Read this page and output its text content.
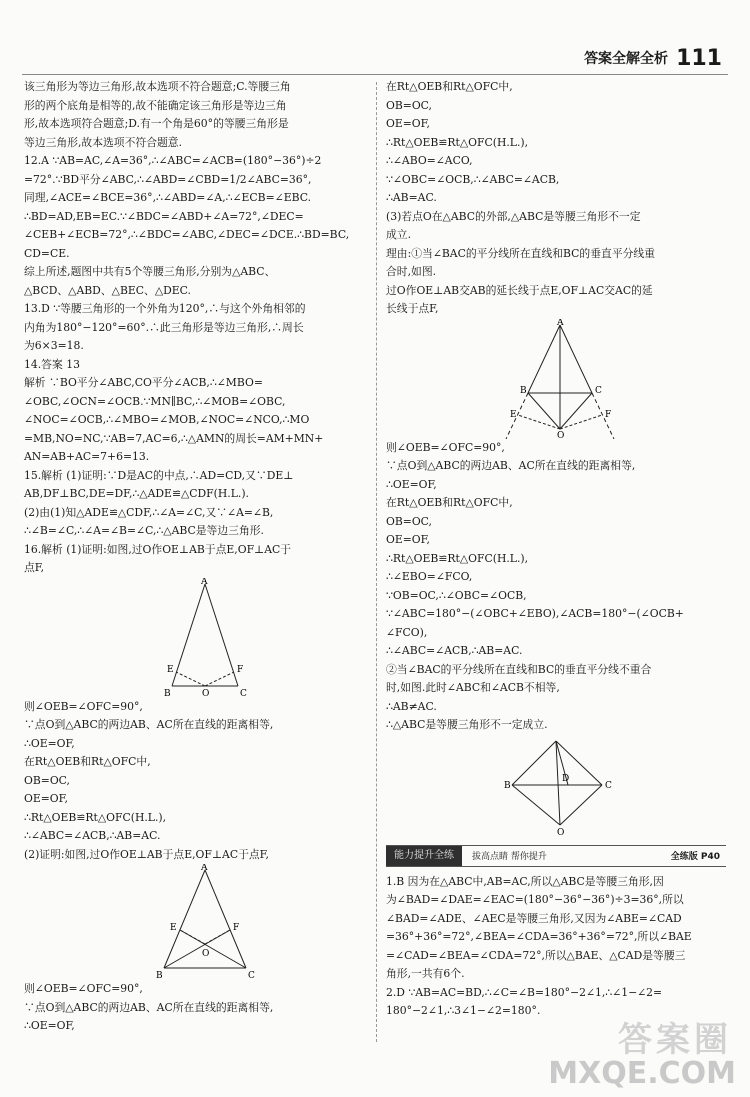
答案全解全析 111

该三角形为等边三角形,故本选项不符合题意;C.等腰三角

形的两个底角是相等的,故不能确定该三角形是等边三角

形,故本选项符合题意;D.有一个角是60°的等腰三角形是

等边三角形,故本选项不符合题意.

12.A ∵AB=AC,∠A=36°,∴∠ABC=∠ACB=(180°−36°)÷2

=72°.∵BD平分∠ABC,∴∠ABD=∠CBD=1/2∠ABC=36°,

同理,∠ACE=∠BCE=36°,∴∠ABD=∠A,∴∠ECB=∠EBC.

∴BD=AD,EB=EC.∵∠BDC=∠ABD+∠A=72°,∠DEC=

∠CEB+∠ECB=72°,∴∠BDC=∠ABC,∠DEC=∠DCE.∴BD=BC,

CD=CE.

综上所述,题图中共有5个等腰三角形,分别为△ABC、

△BCD、△ABD、△BEC、△DEC.

13.D ∵等腰三角形的一个外角为120°,∴与这个外角相邻的

内角为180°−120°=60°.∴此三角形是等边三角形,∴周长

为6×3=18.

14.答案 13

解析 ∵BO平分∠ABC,CO平分∠ACB,∴∠MBO=

∠OBC,∠OCN=∠OCB.∵MN∥BC,∴∠MOB=∠OBC,

∠NOC=∠OCB,∴∠MBO=∠MOB,∠NOC=∠NCO,∴MO

=MB,NO=NC,∵AB=7,AC=6,∴△AMN的周长=AM+MN+

AN=AB+AC=7+6=13.

15.解析 (1)证明:∵D是AC的中点,∴AD=CD,又∵DE⊥

AB,DF⊥BC,DE=DF,∴△ADE≌△CDF(H.L.).

(2)由(1)知△ADE≌△CDF,∴∠A=∠C,又∵∠A=∠B,

∴∠B=∠C,∴∠A=∠B=∠C,∴△ABC是等边三角形.

16.解析 (1)证明:如图,过O作OE⊥AB于点E,OF⊥AC于

点F,

A
B	C
O
E	F

则∠OEB=∠OFC=90°,

∵点O到△ABC的两边AB、AC所在直线的距离相等,

∴OE=OF,

在Rt△OEB和Rt△OFC中,

OB=OC,

OE=OF,

∴Rt△OEB≌Rt△OFC(H.L.),

∴∠ABC=∠ACB,∴AB=AC.

(2)证明:如图,过O作OE⊥AB于点E,OF⊥AC于点F,

A
B	C
E	F
O

则∠OEB=∠OFC=90°,

∵点O到△ABC的两边AB、AC所在直线的距离相等,

∴OE=OF,

在Rt△OEB和Rt△OFC中,

OB=OC,

OE=OF,

∴Rt△OEB≌Rt△OFC(H.L.),

∴∠ABO=∠ACO,

∵∠OBC=∠OCB,∴∠ABC=∠ACB,

∴AB=AC.

(3)若点O在△ABC的外部,△ABC是等腰三角形不一定

成立.

理由:①当∠BAC的平分线所在直线和BC的垂直平分线重

合时,如图.

过O作OE⊥AB交AB的延长线于点E,OF⊥AC交AC的延

长线于点F,

A
B	C
E	F
O

则∠OEB=∠OFC=90°,

∵点O到△ABC的两边AB、AC所在直线的距离相等,

∴OE=OF,

在Rt△OEB和Rt△OFC中,

OB=OC,

OE=OF,

∴Rt△OEB≌Rt△OFC(H.L.),

∴∠EBO=∠FCO,

∵OB=OC,∴∠OBC=∠OCB,

∵∠ABC=180°−(∠OBC+∠EBO),∠ACB=180°−(∠OCB+

∠FCO),

∴∠ABC=∠ACB,∴AB=AC.

②当∠BAC的平分线所在直线和BC的垂直平分线不重合

时,如图.此时∠ABC和∠ACB不相等,

∴AB≠AC.

∴△ABC是等腰三角形不一定成立.

B	C
D
O
能力提升全练	拔高点睛 帮你提升	全练版 P40

1.B 因为在△ABC中,AB=AC,所以△ABC是等腰三角形,因

为∠BAD=∠DAE=∠EAC=(180°−36°−36°)÷3=36°,所以

∠BAD=∠ADE、∠AEC是等腰三角形,又因为∠ABE=∠CAD

=36°+36°=72°,∠BEA=∠CDA=36°+36°=72°,所以∠BAE

=∠CAD=∠BEA=∠CDA=72°,所以△BAE、△CAD是等腰三

角形,一共有6个.

2.D ∵AB=AC=BD,∴∠C=∠B=180°−2∠1,∴∠1−∠2=

180°−2∠1,∴3∠1−∠2=180°.

答案圈
MXQE.COM
